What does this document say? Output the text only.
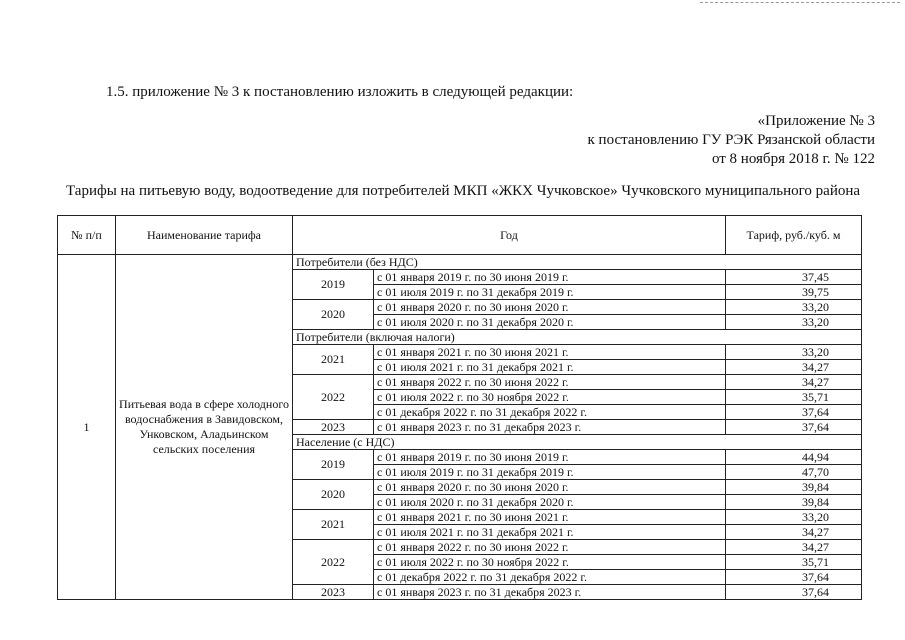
1.5. приложение № 3 к постановлению изложить в следующей редакции:
«Приложение № 3
к постановлению ГУ РЭК Рязанской области
от 8 ноября 2018 г. № 122
Тарифы на питьевую воду, водоотведение для потребителей МКП «ЖКХ Чучковское» Чучковского муниципального района
№ п/п	Наименование тарифа	Год		Тариф, руб./куб. м
1	Питьевая вода в сфере холодного водоснабжения в Завидовском, Унковском, Аладьинском сельских поселения	Потребители (без НДС)		
		2019	с 01 января 2019 г. по 30 июня 2019 г.	37,45
			с 01 июля 2019 г. по 31 декабря 2019 г.	39,75
		2020	с 01 января 2020 г. по 30 июня 2020 г.	33,20
			с 01 июля 2020 г. по 31 декабря 2020 г.	33,20
		Потребители (включая налоги)		
		2021	с 01 января 2021 г. по 30 июня 2021 г.	33,20
			с 01 июля 2021 г. по 31 декабря 2021 г.	34,27
		2022	с 01 января 2022 г. по 30 июня 2022 г.	34,27
			с 01 июля 2022 г. по 30 ноября 2022 г.	35,71
			с 01 декабря 2022 г. по 31 декабря 2022 г.	37,64
		2023	с 01 января 2023 г. по 31 декабря 2023 г.	37,64
		Население (с НДС)		
		2019	с 01 января 2019 г. по 30 июня 2019 г.	44,94
			с 01 июля 2019 г. по 31 декабря 2019 г.	47,70
		2020	с 01 января 2020 г. по 30 июня 2020 г.	39,84
			с 01 июля 2020 г. по 31 декабря 2020 г.	39,84
		2021	с 01 января 2021 г. по 30 июня 2021 г.	33,20
			с 01 июля 2021 г. по 31 декабря 2021 г.	34,27
		2022	с 01 января 2022 г. по 30 июня 2022 г.	34,27
			с 01 июля 2022 г. по 30 ноября 2022 г.	35,71
			с 01 декабря 2022 г. по 31 декабря 2022 г.	37,64
		2023	с 01 января 2023 г. по 31 декабря 2023 г.	37,64
